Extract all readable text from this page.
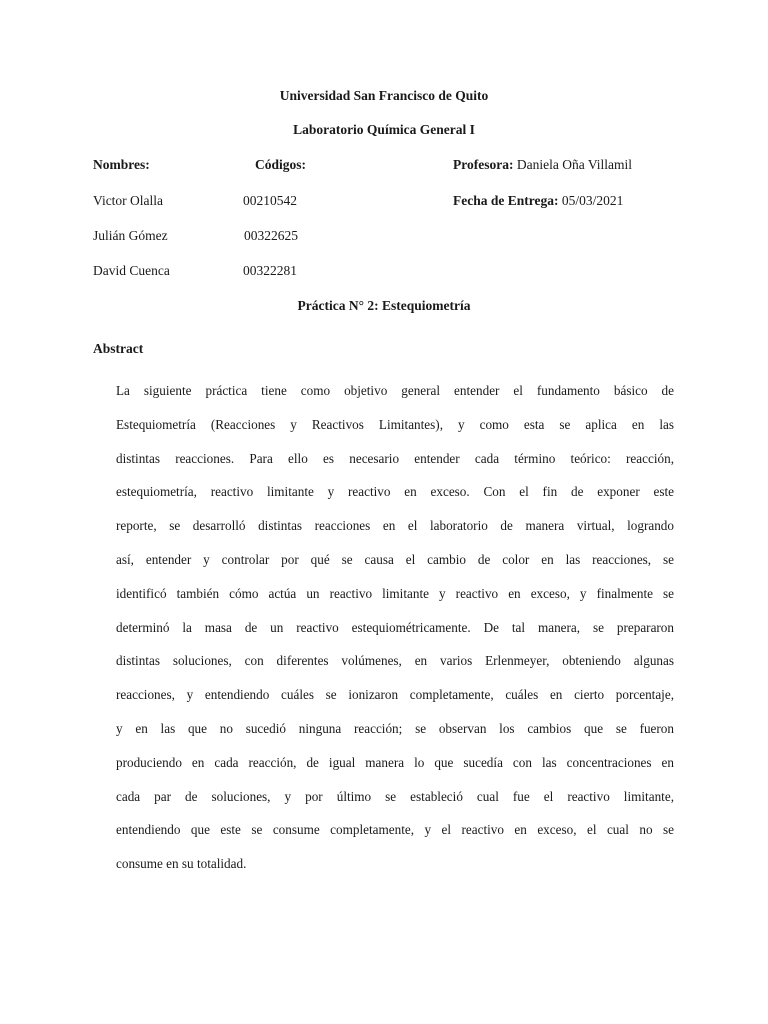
Universidad San Francisco de Quito
Laboratorio Química General I
Nombres:	Códigos:	Profesora: Daniela Oña Villamil
Victor Olalla	00210542	Fecha de Entrega: 05/03/2021
Julián Gómez	00322625
David Cuenca	00322281
Práctica N° 2: Estequiometría
Abstract
La siguiente práctica tiene como objetivo general entender el fundamento básico de
Estequiometría (Reacciones y Reactivos Limitantes), y como esta se aplica en las
distintas reacciones. Para ello es necesario entender cada término teórico: reacción,
estequiometría, reactivo limitante y reactivo en exceso. Con el fin de exponer este
reporte, se desarrolló distintas reacciones en el laboratorio de manera virtual, logrando
así, entender y controlar por qué se causa el cambio de color en las reacciones, se
identificó también cómo actúa un reactivo limitante y reactivo en exceso, y finalmente se
determinó la masa de un reactivo estequiométricamente. De tal manera, se prepararon
distintas soluciones, con diferentes volúmenes, en varios Erlenmeyer, obteniendo algunas
reacciones, y entendiendo cuáles se ionizaron completamente, cuáles en cierto porcentaje,
y en las que no sucedió ninguna reacción; se observan los cambios que se fueron
produciendo en cada reacción, de igual manera lo que sucedía con las concentraciones en
cada par de soluciones, y por último se estableció cual fue el reactivo limitante,
entendiendo que este se consume completamente, y el reactivo en exceso, el cual no se
consume en su totalidad.
